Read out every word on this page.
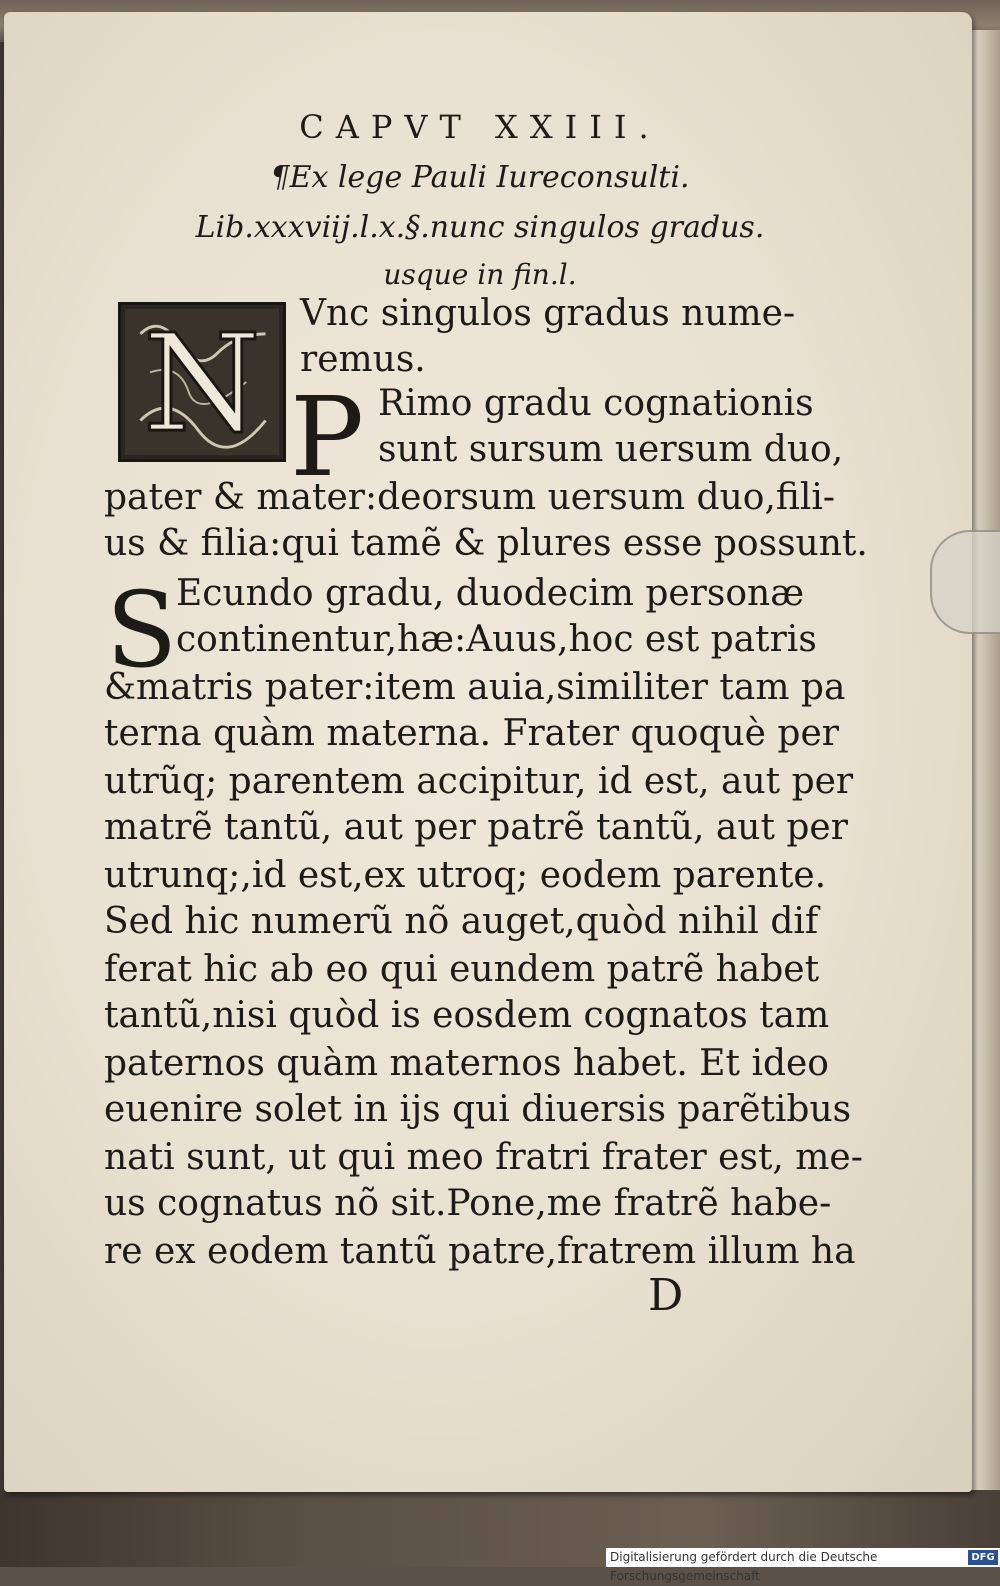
CAPVT XXIII.
¶Ex lege Pauli Iureconsulti.
Lib.xxxviij.l.x.§.nunc singulos gradus.
usque in fin.l.
N Vnc singulos gradus nume-
remus.
P Rimo gradu cognationis
sunt sursum uersum duo,
pater & mater:deorsum uersum duo,fili-
us & filia:qui tamẽ & plures esse possunt.
S
Ecundo gradu, duodecim personæ
continentur,hæ:Auus,hoc est patris
&matris pater:item auia,similiter tam pa
terna quàm materna. Frater quoquè per
utrũq; parentem accipitur, id est, aut per
matrẽ tantũ, aut per patrẽ tantũ, aut per
utrunq;,id est,ex utroq; eodem parente.
Sed hic numerũ nõ auget,quòd nihil dif
ferat hic ab eo qui eundem patrẽ habet
tantũ,nisi quòd is eosdem cognatos tam
paternos quàm maternos habet. Et ideo
euenire solet in ijs qui diuersis parẽtibus
nati sunt, ut qui meo fratri frater est, me-
us cognatus nõ sit.Pone,me fratrẽ habe-
re ex eodem tantũ patre,fratrem illum ha
D
Digitalisierung gefördert durch die Deutsche Forschungsgemeinschaft
DFG
